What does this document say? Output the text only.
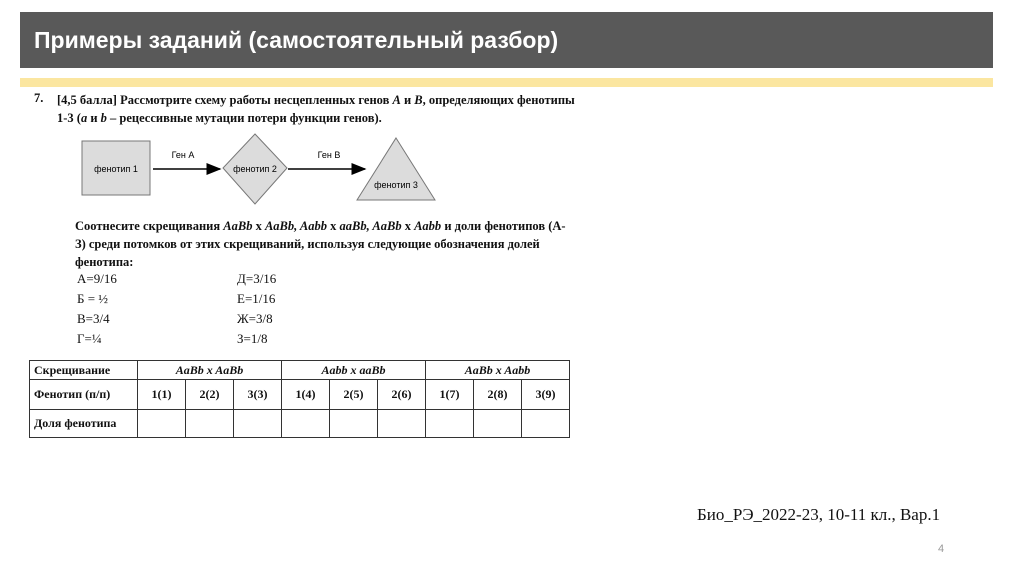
Примеры заданий (самостоятельный разбор)
7. [4,5 балла] Рассмотрите схему работы несцепленных генов A и B, определяющих фенотипы 1-3 (a и b – рецессивные мутации потери функции генов).
фенотип 1
Ген А
фенотип 2
Ген В
фенотип 3
Соотнесите скрещивания AaBb x AaBb, Aabb x aaBb, AaBb x Aabb и доли фенотипов (А-З) среди потомков от этих скрещиваний, используя следующие обозначения долей фенотипа:
А=9/16
Б = ½
В=3/4
Г=¼
Д=3/16
Е=1/16
Ж=3/8
З=1/8
Скрещивание	AaBb x AaBb			Aabb x aaBb			AaBb x Aabb		
Фенотип (п/п)	1(1)	2(2)	3(3)	1(4)	2(5)	2(6)	1(7)	2(8)	3(9)
Доля фенотипа									
Био_РЭ_2022-23, 10-11 кл., Вар.1
4
